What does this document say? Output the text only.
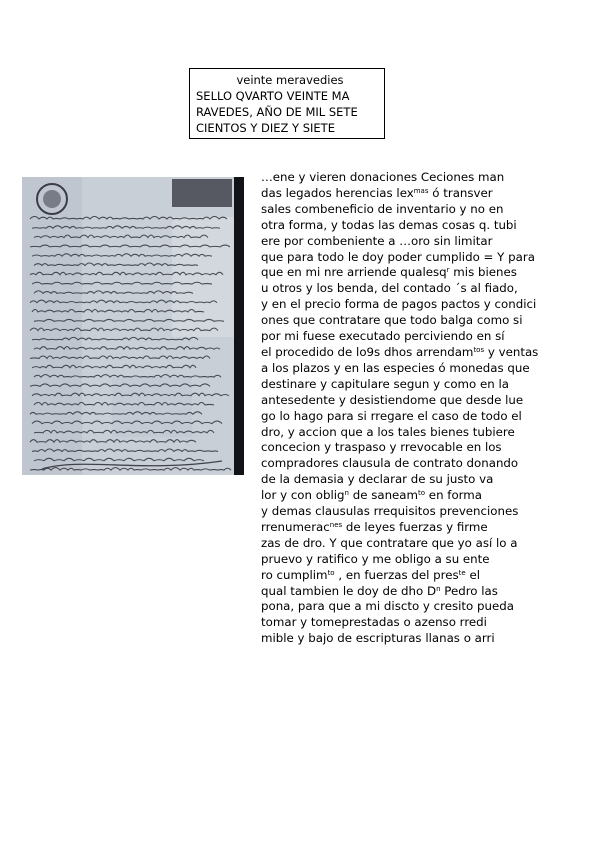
veinte meravedies
SELLO QVARTO VEINTE MA
RAVEDES, AÑO DE MIL SETE
CIENTOS Y DIEZ Y SIETE
…ene y vieren donaciones Ceciones man
das legados herencias lex$^{mas}$ ó transver
sales combeneficio de inventario y no en
otra forma, y todas las demas cosas q. tubi
ere por combeniente a …oro sin limitar
que para todo le doy poder cumplido = Y para
que en mi nre arriende qualesq$^r$ mis bienes
u otros y los benda, del contado ´s al fiado,
y en el precio forma de pagos pactos y condici
ones que contratare que todo balga como si
por mi fuese executado perciviendo en sí
el procedido de lo9s dhos arrendam$^{tos}$ y ventas
a los plazos y en las especies ó monedas que
destinare y capitulare segun y como en la
antesedente y desistiendome que desde lue
go lo hago para si rregare el caso de todo el
dro, y accion que a los tales bienes tubiere
concecion y traspaso y rrevocable en los
compradores clausula de contrato donando
de la demasia y declarar de su justo va
lor y con oblig$^n$ de saneam$^{to}$ en forma
y demas clausulas rrequisitos prevenciones
rrenumerac$^{nes}$ de leyes fuerzas y firme
zas de dro. Y que contratare que yo así lo a
pruevo y ratifico y me obligo a su ente
ro cumplim$^{to}$ , en fuerzas del pres$^{te}$ el
qual tambien le doy de dho $D^n$ Pedro las
pona, para que a mi discto y cresito pueda
tomar y tomeprestadas o azenso rredi
mible y bajo de escripturas llanas o arri
